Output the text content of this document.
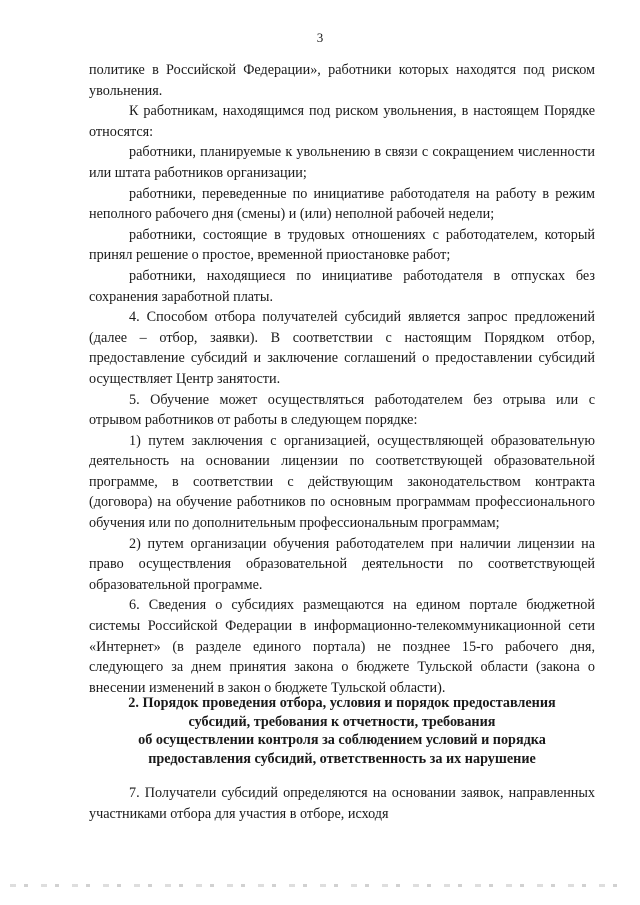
3

политике в Российской Федерации», работники которых находятся под риском увольнения.

К работникам, находящимся под риском увольнения, в настоящем Порядке относятся:

работники, планируемые к увольнению в связи с сокращением численности или штата работников организации;

работники, переведенные по инициативе работодателя на работу в режим неполного рабочего дня (смены) и (или) неполной рабочей недели;

работники, состоящие в трудовых отношениях с работодателем, который принял решение о простое, временной приостановке работ;

работники, находящиеся по инициативе работодателя в отпусках без сохранения заработной платы.

4. Способом отбора получателей субсидий является запрос предложений (далее – отбор, заявки). В соответствии с настоящим Порядком отбор, предоставление субсидий и заключение соглашений о предоставлении субсидий осуществляет Центр занятости.

5. Обучение может осуществляться работодателем без отрыва или с отрывом работников от работы в следующем порядке:

1) путем заключения с организацией, осуществляющей образовательную деятельность на основании лицензии по соответствующей образовательной программе, в соответствии с действующим законодательством контракта (договора) на обучение работников по основным программам профессионального обучения или по дополнительным профессиональным программам;

2) путем организации обучения работодателем при наличии лицензии на право осуществления образовательной деятельности по соответствующей образовательной программе.

6. Сведения о субсидиях размещаются на едином портале бюджетной системы Российской Федерации в информационно-телекоммуникационной сети «Интернет» (в разделе единого портала) не позднее 15-го рабочего дня, следующего за днем принятия закона о бюджете Тульской области (закона о внесении изменений в закон о бюджете Тульской области).

2. Порядок проведения отбора, условия и порядок предоставления
субсидий, требования к отчетности, требования
об осуществлении контроля за соблюдением условий и порядка
предоставления субсидий, ответственность за их нарушение

7. Получатели субсидий определяются на основании заявок, направленных участниками отбора для участия в отборе, исходя
